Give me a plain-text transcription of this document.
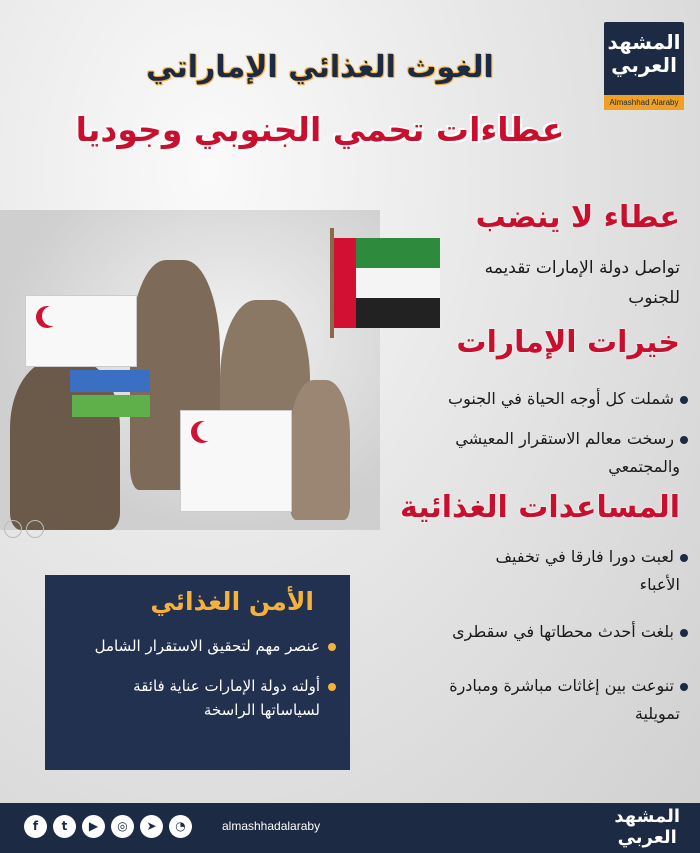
المشهد
العربي
Almashhad Alaraby
الغوث الغذائي الإماراتي
عطاءات تحمي الجنوبي وجوديا
عطاء لا ينضب
تواصل دولة الإمارات تقديمه
للجنوب
خيرات الإمارات
شملت كل أوجه الحياة في الجنوب
رسخت معالم الاستقرار المعيشي
والمجتمعي
المساعدات الغذائية
لعبت دورا فارقا في تخفيف
الأعباء
بلغت أحدث محطاتها في سقطرى
تنوعت بين إغاثات مباشرة ومبادرة
تمويلية
الأمن الغذائي
عنصر مهم لتحقيق الاستقرار الشامل
أولته دولة الإمارات عناية فائقة
لسياساتها الراسخة
f	t	▶	◎	➤	◔	almashhadalaraby	المشهد
العربي
